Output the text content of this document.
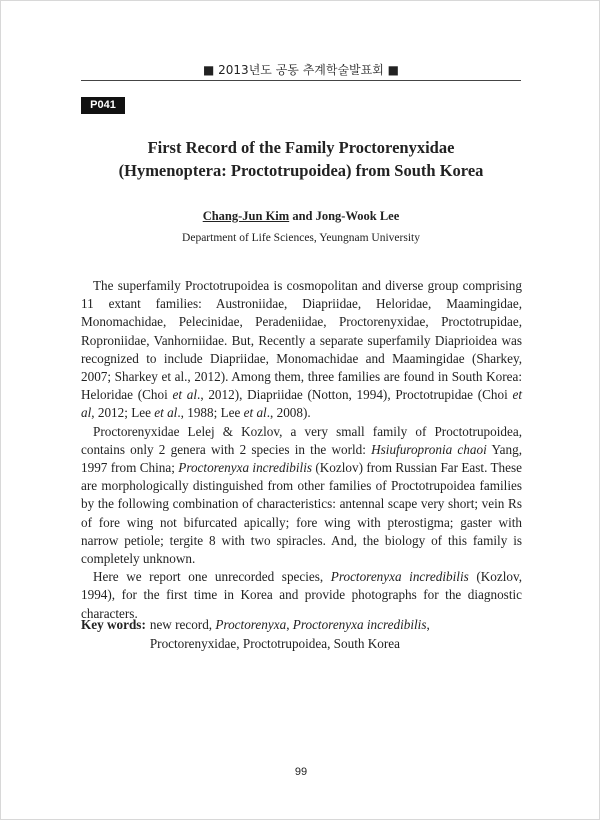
■ 2013년도 공동 추계학술발표회 ■
P041
First Record of the Family Proctorenyxidae
(Hymenoptera: Proctotrupoidea) from South Korea
Chang-Jun Kim and Jong-Wook Lee
Department of Life Sciences, Yeungnam University

The superfamily Proctotrupoidea is cosmopolitan and diverse group comprising 11 extant families: Austroniidae, Diapriidae, Heloridae, Maamingidae, Monomachidae, Pelecinidae, Peradeniidae, Proctorenyxidae, Proctotrupidae, Roproniidae, Vanhorniidae. But, Recently a separate superfamily Diaprioidea was recognized to include Diapriidae, Monomachidae and Maamingidae (Sharkey, 2007; Sharkey et al., 2012). Among them, three families are found in South Korea: Heloridae (Choi et al., 2012), Diapriidae (Notton, 1994), Proctotrupidae (Choi et al, 2012; Lee et al., 1988; Lee et al., 2008).

Proctorenyxidae Lelej & Kozlov, a very small family of Proctotrupoidea, contains only 2 genera with 2 species in the world: Hsiufuropronia chaoi Yang, 1997 from China; Proctorenyxa incredibilis (Kozlov) from Russian Far East. These are morphologically distinguished from other families of Proctotrupoidea families by the following combination of characteristics: antennal scape very short; vein Rs of fore wing not bifurcated apically; fore wing with pterostigma; gaster with narrow petiole; tergite 8 with two spiracles. And, the biology of this family is completely unknown.

Here we report one unrecorded species, Proctorenyxa incredibilis (Kozlov, 1994), for the first time in Korea and provide photographs for the diagnostic characters.

Key words: new record, Proctorenyxa, Proctorenyxa incredibilis, Proctorenyxidae, Proctotrupoidea, South Korea
99
